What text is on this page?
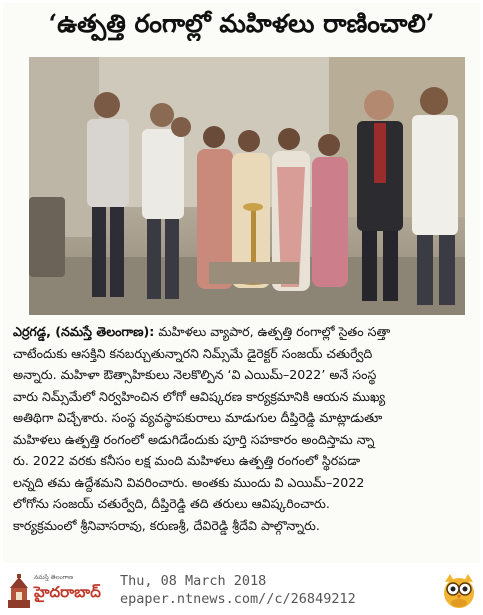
‘ఉత్పత్తి రంగాల్లో మహిళలు రాణించాలి’
ఎర్రగడ్డ, (నమస్తే తెలంగాణ): మహిళలు వ్యాపార, ఉత్పత్తి రంగాల్లో సైతం సత్తా
చాటేందుకు ఆసక్తిని కనబర్చుతున్నారని నిమ్స్‌మే డైరెక్టర్ సంజయ్ చతుర్వేది
అన్నారు. మహిళా ఔత్సాహికులు నెలకొల్పిన ‘వి ఎయిమ్–2022’ అనే సంస్థ
వారు నిమ్స్‌మేలో నిర్వహించిన లోగో ఆవిష్కరణ కార్యక్రమానికి ఆయన ముఖ్య
అతిథిగా విచ్చేశారు. సంస్థ వ్యవస్థాపకురాలు మాడుగుల దీప్తిరెడ్డి మాట్లాడుతూ
మహిళలు ఉత్పత్తి రంగంలో అడుగిడేందుకు పూర్తి సహకారం అందిస్తామ న్నా
రు. 2022 వరకు కనీసం లక్ష మంది మహిళలు ఉత్పత్తి రంగంలో స్థిరపడా
లన్నది తమ ఉద్దేశమని వివరించారు. అంతకు ముందు వి ఎయిమ్–2022
లోగోను సంజయ్ చతుర్వేది, దీప్తిరెడ్డి తది తరులు ఆవిష్కరించారు.
కార్యక్రమంలో శ్రీనివాసరావు, కరుణశ్రీ, దేవిరెడ్డి శ్రీదేవి పాల్గొన్నారు.
నమస్తే తెలంగాణ
హైదరాబాద్
Thu, 08 March 2018
epaper.ntnews.com//c/26849212
